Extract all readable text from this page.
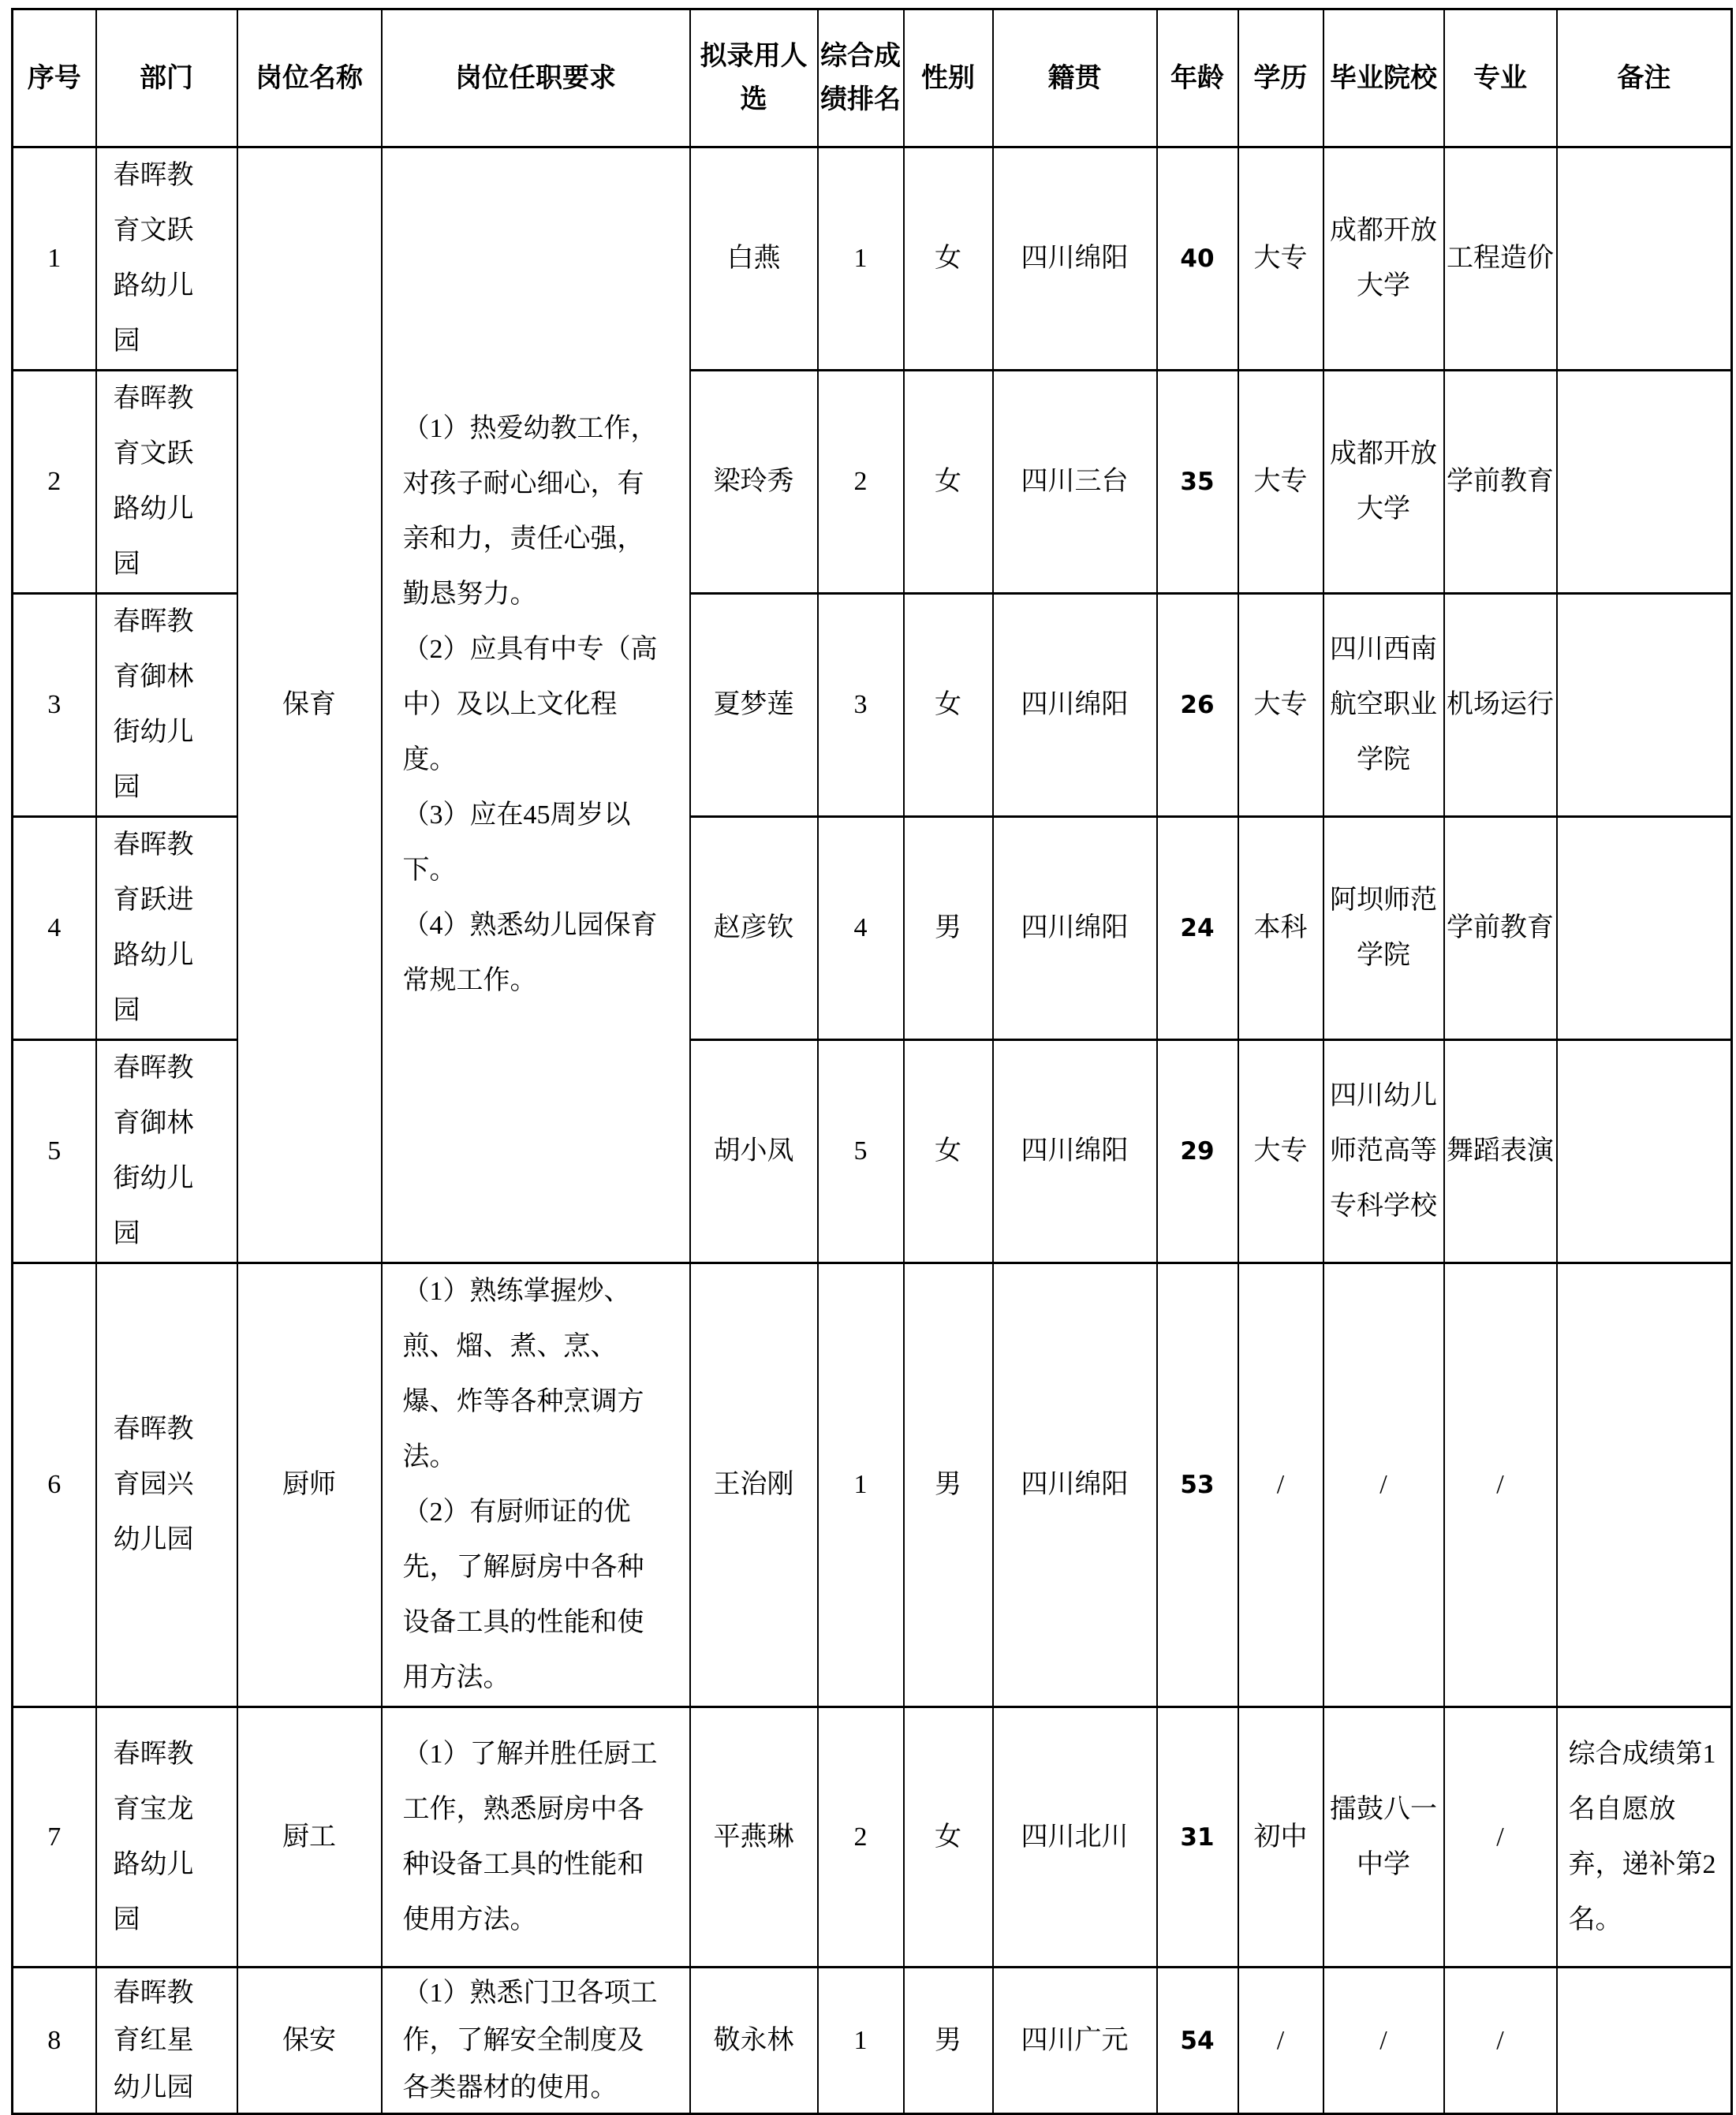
序号	部门	岗位名称	岗位任职要求	拟录用人选	综合成绩排名	性别	籍贯	年龄	学历	毕业院校	专业	备注
1	春晖教育文跃路幼儿园	保育	（1）热爱幼教工作，对孩子耐心细心，有亲和力，责任心强，勤恳努力。
（2）应具有中专（高中）及以上文化程度。
（3）应在45周岁以下。
（4）熟悉幼儿园保育常规工作。	白燕	1	女	四川绵阳	40	大专	成都开放大学	工程造价	
2	春晖教育文跃路幼儿园			梁玲秀	2	女	四川三台	35	大专	成都开放大学	学前教育	
3	春晖教育御林街幼儿园			夏梦莲	3	女	四川绵阳	26	大专	四川西南航空职业学院	机场运行	
4	春晖教育跃进路幼儿园			赵彦钦	4	男	四川绵阳	24	本科	阿坝师范学院	学前教育	
5	春晖教育御林街幼儿园			胡小凤	5	女	四川绵阳	29	大专	四川幼儿师范高等专科学校	舞蹈表演	
6	春晖教育园兴幼儿园	厨师	（1）熟练掌握炒、煎、熘、煮、烹、爆、炸等各种烹调方法。
（2）有厨师证的优先，了解厨房中各种设备工具的性能和使用方法。	王治刚	1	男	四川绵阳	53	/	/	/	
7	春晖教育宝龙路幼儿园	厨工	（1）了解并胜任厨工工作，熟悉厨房中各种设备工具的性能和使用方法。	平燕琳	2	女	四川北川	31	初中	擂鼓八一中学	/	综合成绩第1名自愿放弃，递补第2名。
8	春晖教育红星幼儿园	保安	（1）熟悉门卫各项工作，了解安全制度及各类器材的使用。	敬永林	1	男	四川广元	54	/	/	/	
